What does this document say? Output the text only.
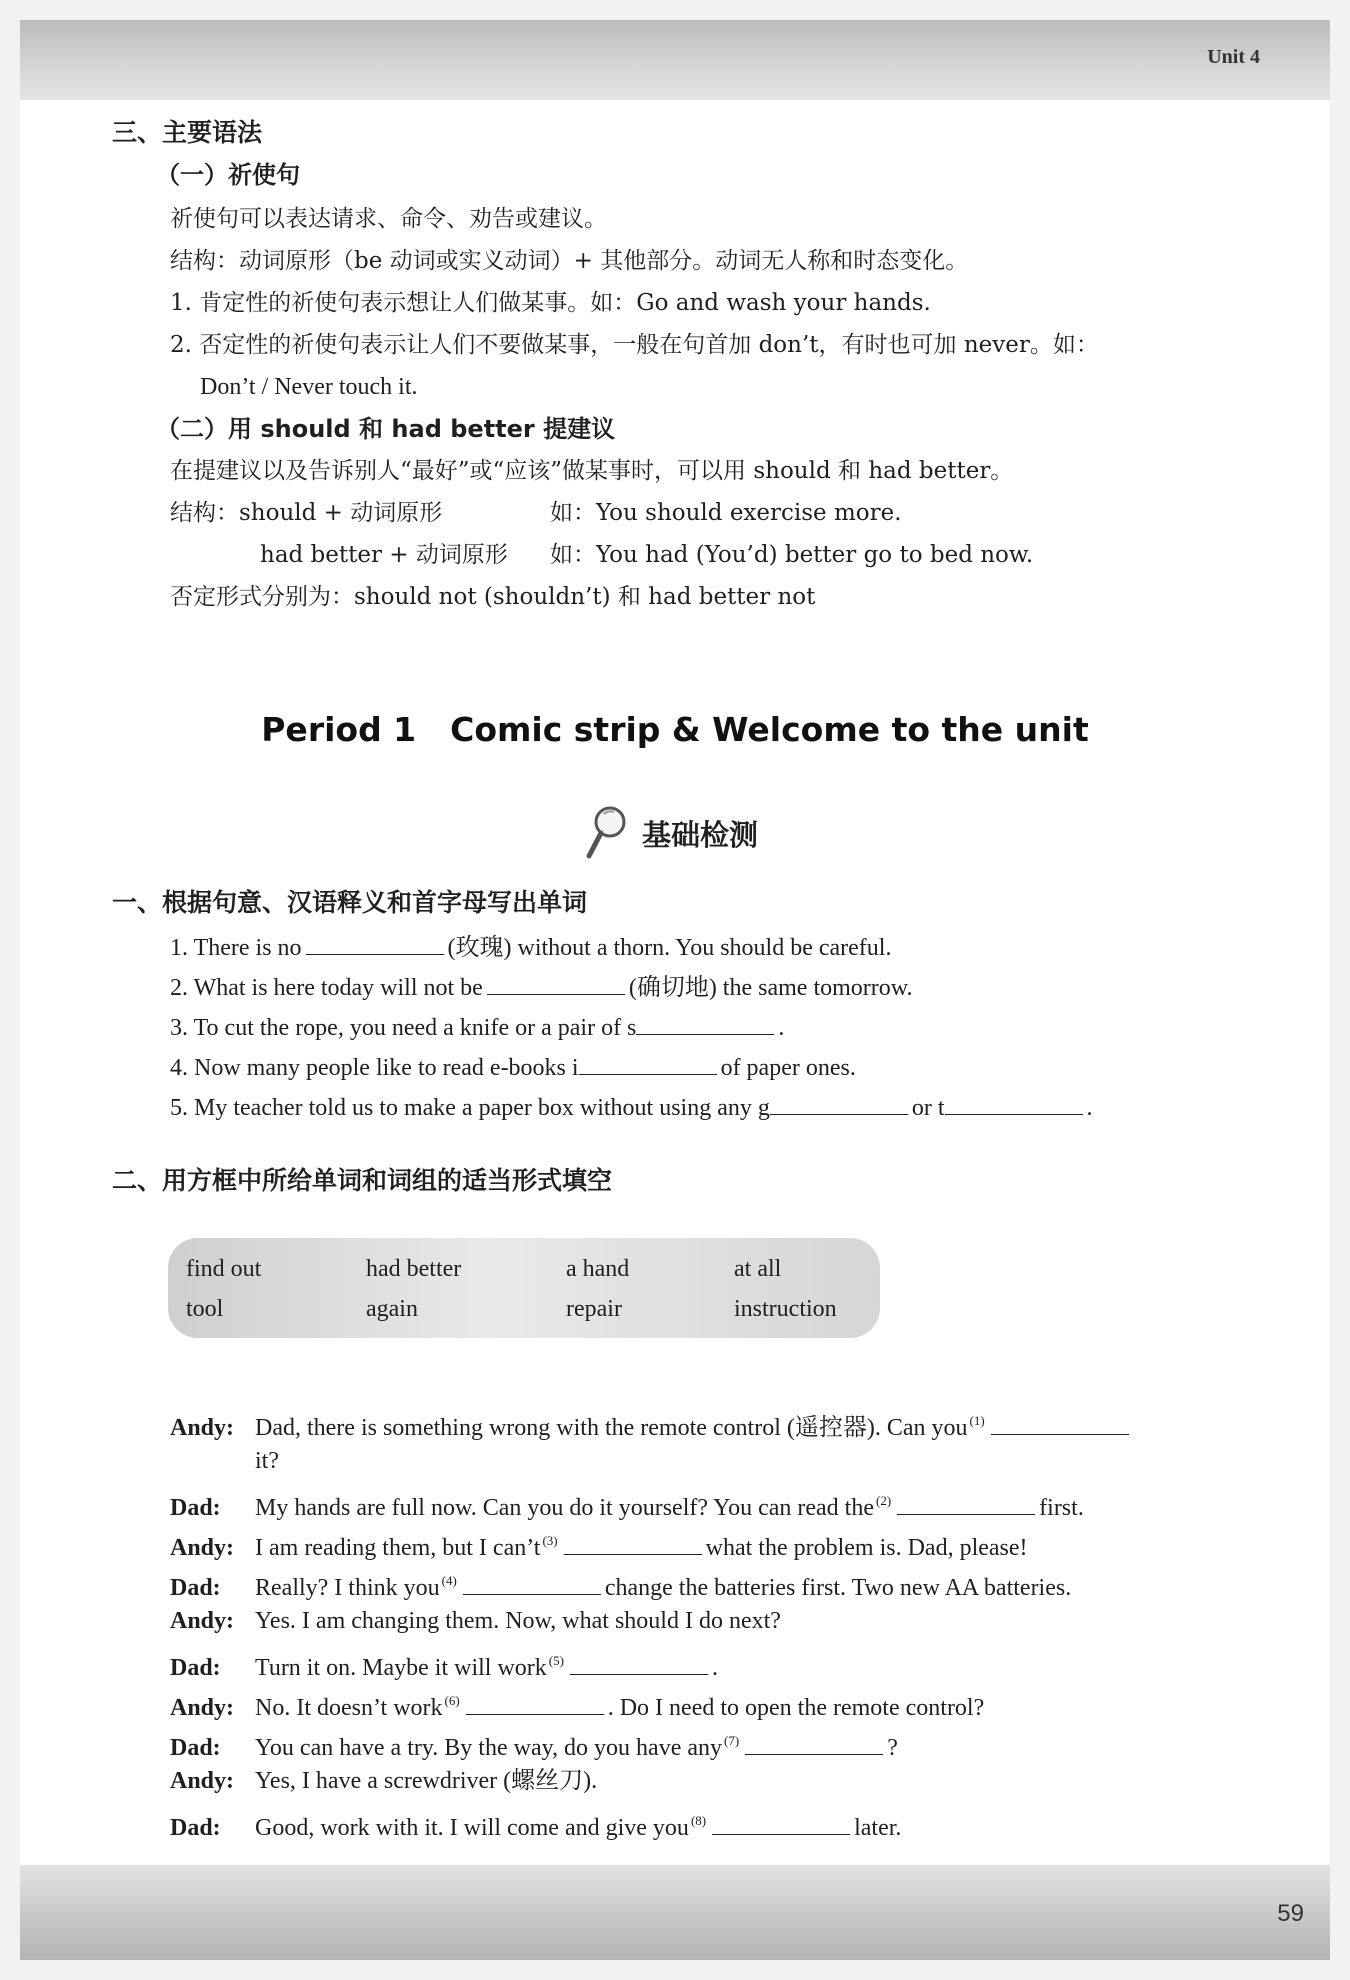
Unit 4
59
三、主要语法
（一）祈使句
祈使句可以表达请求、命令、劝告或建议。
结构：动词原形（be 动词或实义动词）+ 其他部分。动词无人称和时态变化。
1. 肯定性的祈使句表示想让人们做某事。如：Go and wash your hands.
2. 否定性的祈使句表示让人们不要做某事，一般在句首加 don’t，有时也可加 never。如：
Don’t / Never touch it.
（二）用 should 和 had better 提建议
在提建议以及告诉别人“最好”或“应该”做某事时，可以用 should 和 had better。
结构：should + 动词原形	如：You should exercise more.
had better + 动词原形 如：You had (You’d) better go to bed now.
否定形式分别为：should not (shouldn’t) 和 had better not
Period 1 Comic strip & Welcome to the unit
基础检测
一、根据句意、汉语释义和首字母写出单词
1. There is no	(玫瑰) without a thorn. You should be careful.
2. What is here today will not be	(确切地) the same tomorrow.
3. To cut the rope, you need a knife or a pair of s	.
4. Now many people like to read e-books i	of paper ones.
5. My teacher told us to make a paper box without using any g	or t	.
二、用方框中所给单词和词组的适当形式填空
find out	had better	a hand	at all
tool	again	repair	instruction
Andy: Dad, there is something wrong with the remote control (遥控器). Can you $^{(1)}$
it?
Dad: My hands are full now. Can you do it yourself? You can read the $^{(2)}$	first.
Andy: I am reading them, but I can’t $^{(3)}$	what the problem is. Dad, please!
Dad: Really? I think you $^{(4)}$	change the batteries first. Two new AA batteries.
Andy: Yes. I am changing them. Now, what should I do next?
Dad: Turn it on. Maybe it will work $^{(5)}$	.
Andy: No. It doesn’t work $^{(6)}$	. Do I need to open the remote control?
Dad: You can have a try. By the way, do you have any $^{(7)}$	?
Andy: Yes, I have a screwdriver (螺丝刀).
Dad: Good, work with it. I will come and give you $^{(8)}$	later.
